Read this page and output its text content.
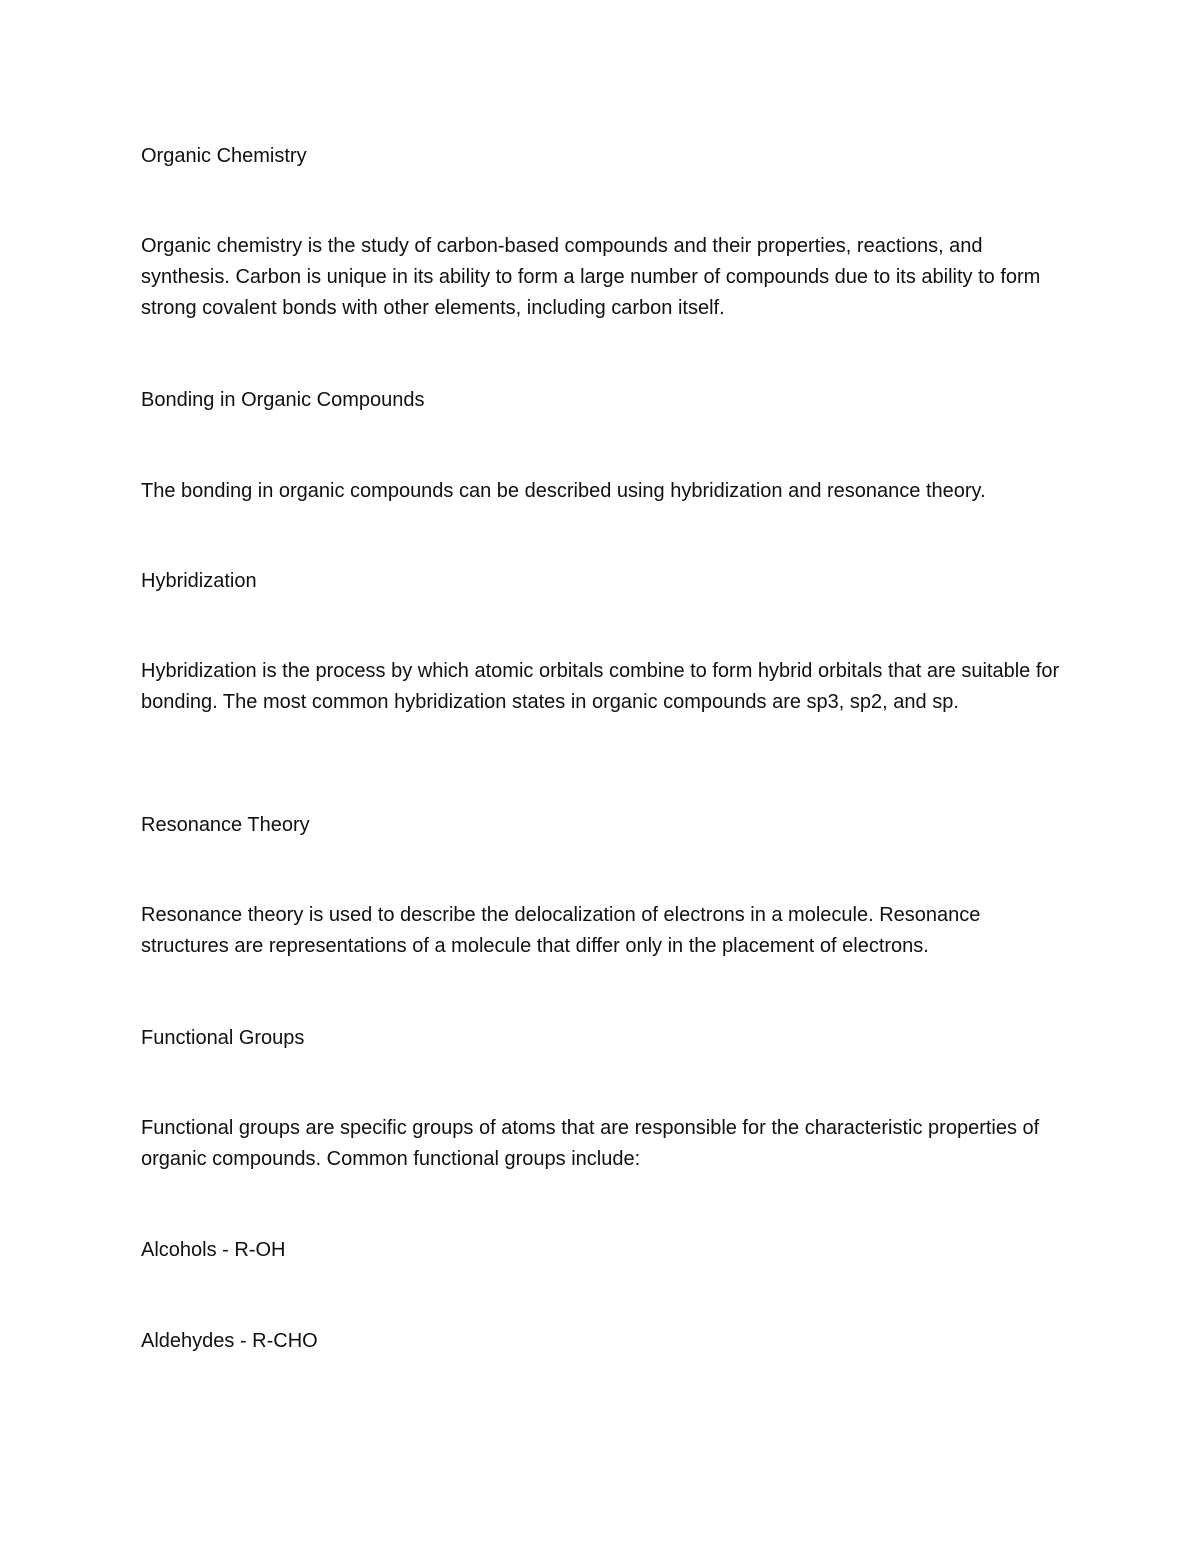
Organic Chemistry

Organic chemistry is the study of carbon-based compounds and their properties, reactions, and synthesis. Carbon is unique in its ability to form a large number of compounds due to its ability to form strong covalent bonds with other elements, including carbon itself.

Bonding in Organic Compounds

The bonding in organic compounds can be described using hybridization and resonance theory.

Hybridization

Hybridization is the process by which atomic orbitals combine to form hybrid orbitals that are suitable for bonding. The most common hybridization states in organic compounds are sp3, sp2, and sp.

Resonance Theory

Resonance theory is used to describe the delocalization of electrons in a molecule. Resonance structures are representations of a molecule that differ only in the placement of electrons.

Functional Groups

Functional groups are specific groups of atoms that are responsible for the characteristic properties of organic compounds. Common functional groups include:

Alcohols - R-OH

Aldehydes - R-CHO
